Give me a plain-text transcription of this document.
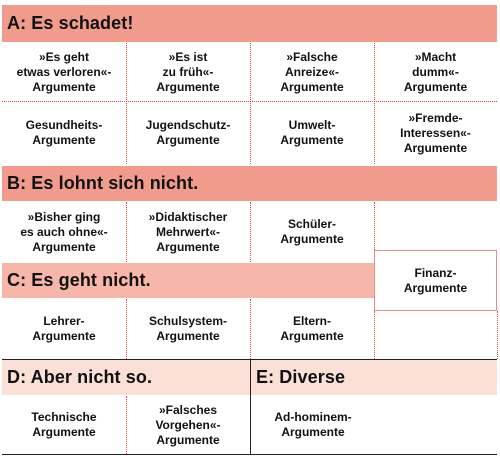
A: Es schadet!
»Es geht
etwas verloren«-
Argumente
»Es ist
zu früh«-
Argumente
»Falsche
Anreize«-
Argumente
»Macht
dumm«-
Argumente
Gesundheits-
Argumente
Jugendschutz-
Argumente
Umwelt-
Argumente
»Fremde-
Interessen«-
Argumente
B: Es lohnt sich nicht.
»Bisher ging
es auch ohne«-
Argumente
»Didaktischer
Mehrwert«-
Argumente
Schüler-
Argumente
C: Es geht nicht.	Finanz-
Argumente
Lehrer-
Argumente
Schulsystem-
Argumente
Eltern-
Argumente
D: Aber nicht so.	E: Diverse
Technische
Argumente
»Falsches
Vorgehen«-
Argumente
Ad-hominem-
Argumente
